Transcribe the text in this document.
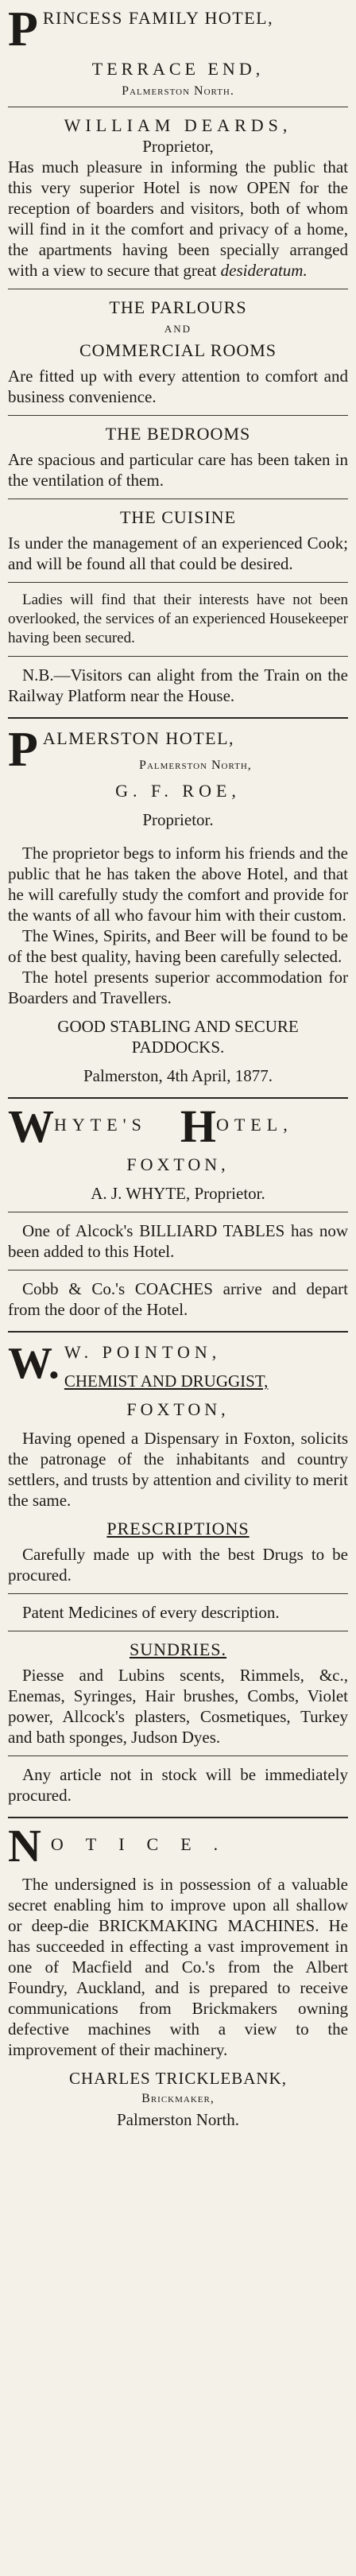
P RINCESS FAMILY HOTEL,
TERRACE END,
Palmerston North.
WILLIAM DEARDS,
Proprietor,

Has much pleasure in informing the public that this very superior Hotel is now OPEN for the reception of boarders and visitors, both of whom will find in it the comfort and privacy of a home, the apartments having been specially arranged with a view to secure that great desideratum.

THE PARLOURS
AND
COMMERCIAL ROOMS

Are fitted up with every attention to comfort and business convenience.

THE BEDROOMS

Are spacious and particular care has been taken in the ventilation of them.

THE CUISINE

Is under the management of an experienced Cook; and will be found all that could be desired.

Ladies will find that their interests have not been overlooked, the services of an experienced Housekeeper having been secured.

N.B.—Visitors can alight from the Train on the Railway Platform near the House.

P ALMERSTON HOTEL,
Palmerston North,
G. F. ROE,
Proprietor.

The proprietor begs to inform his friends and the public that he has taken the above Hotel, and that he will carefully study the comfort and provide for the wants of all who favour him with their custom.

The Wines, Spirits, and Beer will be found to be of the best quality, having been carefully selected.

The hotel presents superior accommodation for Boarders and Travellers.

GOOD STABLING AND SECURE PADDOCKS.
Palmerston, 4th April, 1877.
WHYTE'S HOTEL,
FOXTON,
A. J. WHYTE, Proprietor.

One of Alcock's BILLIARD TABLES has now been added to this Hotel.

Cobb & Co.'s COACHES arrive and depart from the door of the Hotel.

W. W. POINTON,
CHEMIST AND DRUGGIST,
FOXTON,

Having opened a Dispensary in Foxton, solicits the patronage of the inhabitants and country settlers, and trusts by attention and civility to merit the same.

PRESCRIPTIONS

Carefully made up with the best Drugs to be procured.

Patent Medicines of every description.

SUNDRIES.

Piesse and Lubins scents, Rimmels, &c., Enemas, Syringes, Hair brushes, Combs, Violet power, Allcock's plasters, Cosmetiques, Turkey and bath sponges, Judson Dyes.

Any article not in stock will be immediately procured.

NOTICE.

The undersigned is in possession of a valuable secret enabling him to improve upon all shallow or deep-die BRICKMAKING MACHINES. He has succeeded in effecting a vast improvement in one of Macfield and Co.'s from the Albert Foundry, Auckland, and is prepared to receive communications from Brickmakers owning defective machines with a view to the improvement of their machinery.

CHARLES TRICKLEBANK,
Brickmaker,
Palmerston North.
